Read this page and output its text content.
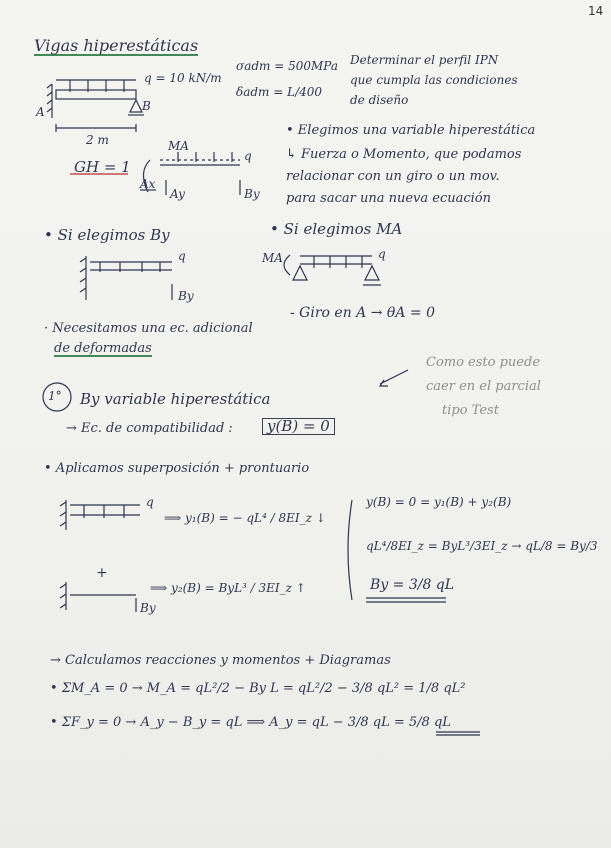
14
Vigas hiperestáticas
σadm = 500MPa
δadm = L/400
Determinar el perfil IPN
que cumpla las condiciones
de diseño
q = 10 kN/m
2 m
A	B
GH = 1
MA
q
Ax
Ay	By
• Elegimos una variable hiperestática
↳ Fuerza o Momento, que podamos
relacionar con un giro o un mov.
para sacar una nueva ecuación
• Si elegimos By
q
By
· Necesitamos una ec. adicional
de deformadas
• Si elegimos MA
MA	q
- Giro en A → θA = 0
Como esto puede
caer en el parcial
tipo Test
1° By variable hiperestática
→ Ec. de compatibilidad :	y(B) = 0
• Aplicamos superposición + prontuario
q
⟹ y₁(B) = − qL⁴ / 8EI_z ↓
+
By
⟹ y₂(B) = ByL³ / 3EI_z ↑
y(B) = 0 = y₁(B) + y₂(B)
qL⁴/8EI_z = ByL³/3EI_z → qL/8 = By/3
By = 3/8 qL
→ Calculamos reacciones y momentos + Diagramas
• ΣM_A = 0 → M_A = qL²/2 − By L = qL²/2 − 3/8 qL² = 1/8 qL²
• ΣF_y = 0 → A_y − B_y = qL ⟹ A_y = qL − 3/8 qL = 5/8 qL
